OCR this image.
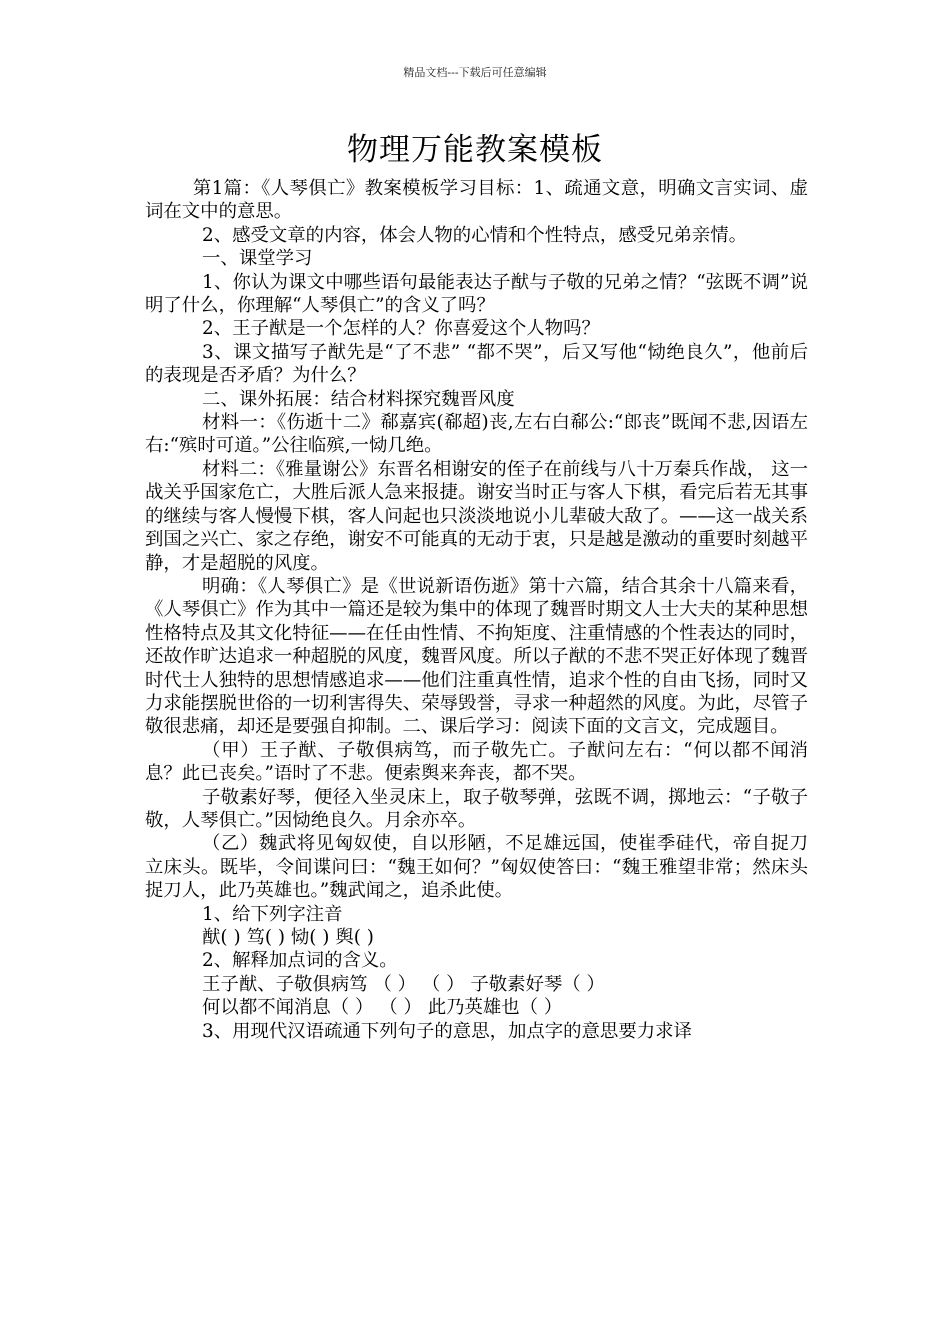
精品文档---下载后可任意编辑
物理万能教案模板

第1篇：《人琴俱亡》教案模板学习目标：1、疏通文意，明确文言实词、虚词在文中的意思。

2、感受文章的内容，体会人物的心情和个性特点，感受兄弟亲情。

一、课堂学习

1、你认为课文中哪些语句最能表达子猷与子敬的兄弟之情？“弦既不调”说明了什么，你理解“人琴俱亡”的含义了吗？

2、王子猷是一个怎样的人？你喜爱这个人物吗？

3、课文描写子猷先是“了不悲” “都不哭”，后又写他“恸绝良久”，他前后的表现是否矛盾？为什么？

二、课外拓展：结合材料探究魏晋风度

材料一：《伤逝十二》郗嘉宾(郗超)丧,左右白郗公:“郎丧”既闻不悲,因语左右:“殡时可道。”公往临殡,一恸几绝。

材料二：《雅量谢公》东晋名相谢安的侄子在前线与八十万秦兵作战， 这一战关乎国家危亡，大胜后派人急来报捷。谢安当时正与客人下棋，看完后若无其事的继续与客人慢慢下棋，客人问起也只淡淡地说小儿辈破大敌了。——这一战关系到国之兴亡、家之存绝，谢安不可能真的无动于衷，只是越是激动的重要时刻越平静，才是超脱的风度。

明确：《人琴俱亡》是《世说新语伤逝》第十六篇，结合其余十八篇来看，《人琴俱亡》作为其中一篇还是较为集中的体现了魏晋时期文人士大夫的某种思想性格特点及其文化特征——在任由性情、不拘矩度、注重情感的个性表达的同时，还故作旷达追求一种超脱的风度，魏晋风度。所以子猷的不悲不哭正好体现了魏晋时代士人独特的思想情感追求——他们注重真性情，追求个性的自由飞扬，同时又力求能摆脱世俗的一切利害得失、荣辱毁誉，寻求一种超然的风度。为此，尽管子敬很悲痛，却还是要强自抑制。二、课后学习：阅读下面的文言文，完成题目。

（甲）王子猷、子敬俱病笃，而子敬先亡。子猷问左右：“何以都不闻消息？此已丧矣。”语时了不悲。便索舆来奔丧，都不哭。

子敬素好琴，便径入坐灵床上，取子敬琴弹，弦既不调，掷地云：“子敬子敬，人琴俱亡。”因恸绝良久。月余亦卒。

（乙）魏武将见匈奴使，自以形陋，不足雄远国，使崔季硅代，帝自捉刀立床头。既毕，令间谍问曰：“魏王如何？”匈奴使答曰：“魏王雅望非常；然床头捉刀人，此乃英雄也。”魏武闻之，追杀此使。

1、给下列字注音

猷( ) 笃( ) 恸( ) 舆( )

2、解释加点词的含义。

王子猷、子敬俱病笃 （ ） （ ） 子敬素好琴（ ）

何以都不闻消息（ ） （ ） 此乃英雄也（ ）

3、用现代汉语疏通下列句子的意思，加点字的意思要力求译
